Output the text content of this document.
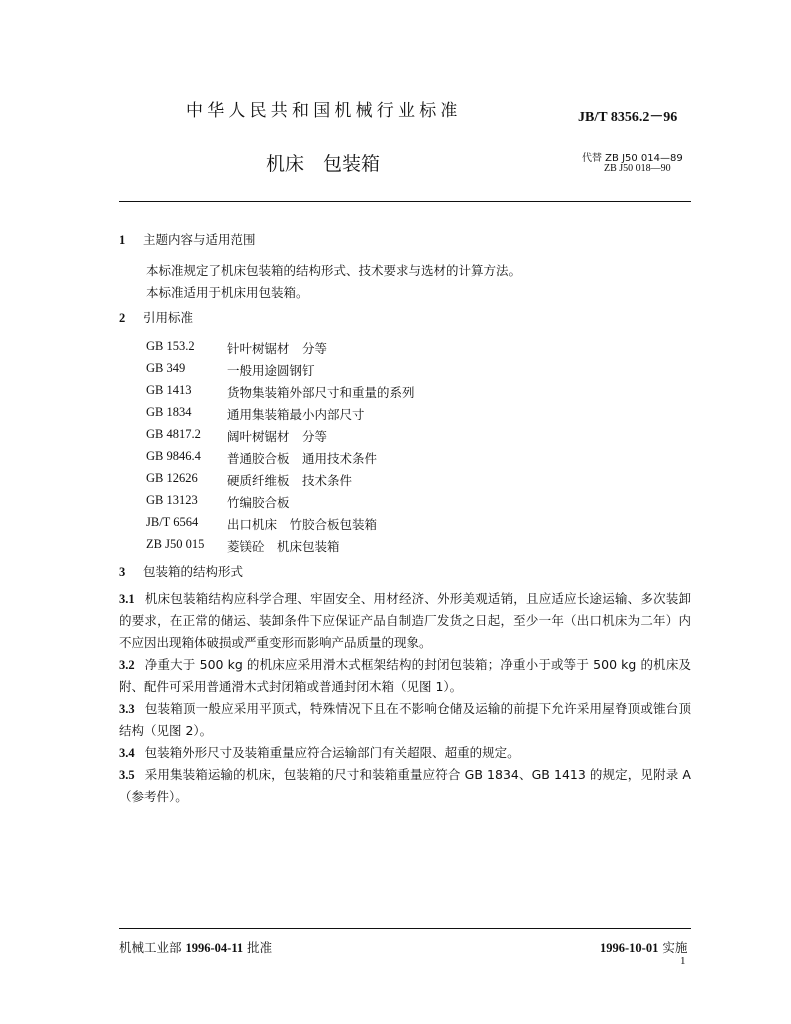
中华人民共和国机械行业标准	JB/T 8356.2－96
机床　包装箱	代替 ZB J50 014—89
ZB J50 018—90
1 主题内容与适用范围
本标准规定了机床包装箱的结构形式、技术要求与选材的计算方法。
本标准适用于机床用包装箱。
2 引用标准
GB 153.2	针叶树锯材　分等
GB 349	一般用途圆钢钉
GB 1413	货物集装箱外部尺寸和重量的系列
GB 1834	通用集装箱最小内部尺寸
GB 4817.2 阔叶树锯材　分等
GB 9846.4 普通胶合板　通用技术条件
GB 12626 硬质纤维板　技术条件
GB 13123 竹编胶合板
JB/T 6564 出口机床　竹胶合板包装箱
ZB J50 015 菱镁砼　机床包装箱
3 包装箱的结构形式
3.1 机床包装箱结构应科学合理、牢固安全、用材经济、外形美观适销，且应适应长途运输、多次装卸的要求，在正常的储运、装卸条件下应保证产品自制造厂发货之日起，至少一年（出口机床为二年）内不应因出现箱体破损或严重变形而影响产品质量的现象。
3.2 净重大于 500 kg 的机床应采用滑木式框架结构的封闭包装箱；净重小于或等于 500 kg 的机床及附、配件可采用普通滑木式封闭箱或普通封闭木箱（见图 1）。
3.3 包装箱顶一般应采用平顶式，特殊情况下且在不影响仓储及运输的前提下允许采用屋脊顶或锥台顶结构（见图 2）。
3.4 包装箱外形尺寸及装箱重量应符合运输部门有关超限、超重的规定。
3.5 采用集装箱运输的机床，包装箱的尺寸和装箱重量应符合 GB 1834、GB 1413 的规定，见附录 A（参考件）。
机械工业部 1996-04-11 批准	1996-10-01 实施
1
